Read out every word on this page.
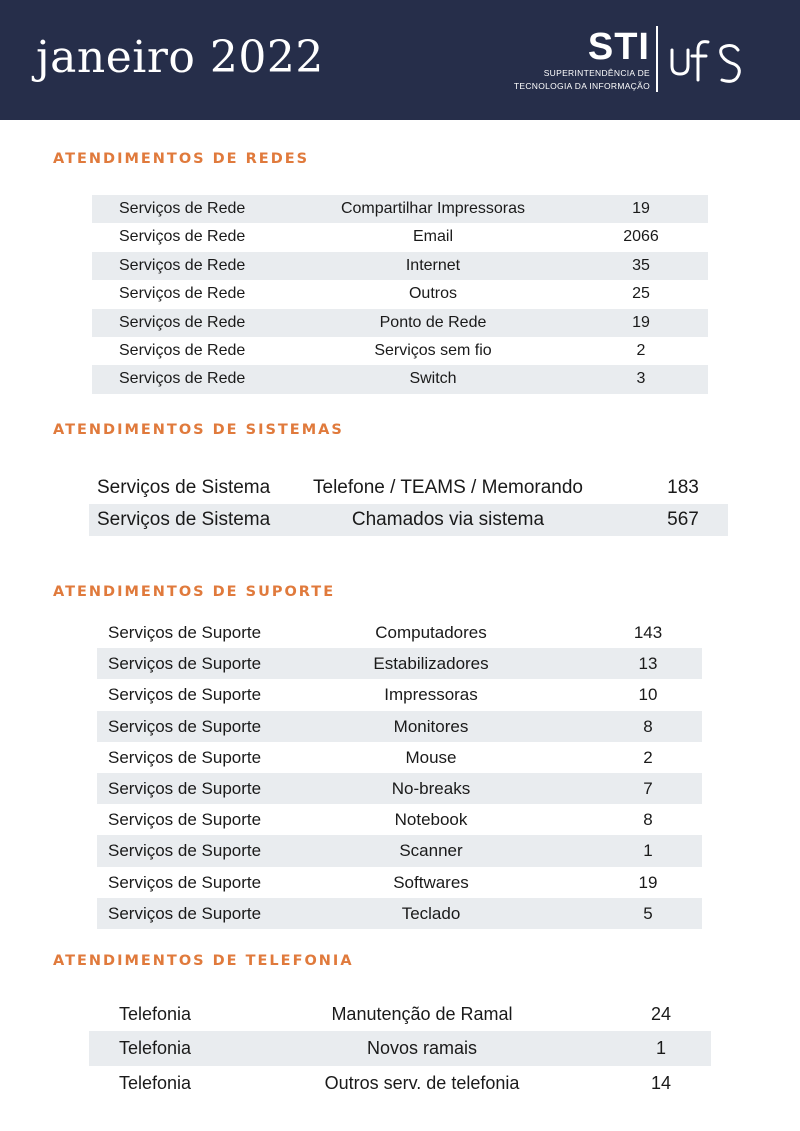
janeiro 2022	STI
SUPERINTENDÊNCIA DE
TECNOLOGIA DA INFORMAÇÃO
ATENDIMENTOS DE REDES
Serviços de Rede	Compartilhar Impressoras	19
Serviços de Rede	Email	2066
Serviços de Rede	Internet	35
Serviços de Rede	Outros	25
Serviços de Rede	Ponto de Rede	19
Serviços de Rede	Serviços sem fio	2
Serviços de Rede	Switch	3
ATENDIMENTOS DE SISTEMAS
Serviços de Sistema	Telefone / TEAMS / Memorando	183
Serviços de Sistema	Chamados via sistema	567
ATENDIMENTOS DE SUPORTE
Serviços de Suporte	Computadores	143
Serviços de Suporte	Estabilizadores	13
Serviços de Suporte	Impressoras	10
Serviços de Suporte	Monitores	8
Serviços de Suporte	Mouse	2
Serviços de Suporte	No-breaks	7
Serviços de Suporte	Notebook	8
Serviços de Suporte	Scanner	1
Serviços de Suporte	Softwares	19
Serviços de Suporte	Teclado	5
ATENDIMENTOS DE TELEFONIA
Telefonia	Manutenção de Ramal	24
Telefonia	Novos ramais	1
Telefonia	Outros serv. de telefonia	14
